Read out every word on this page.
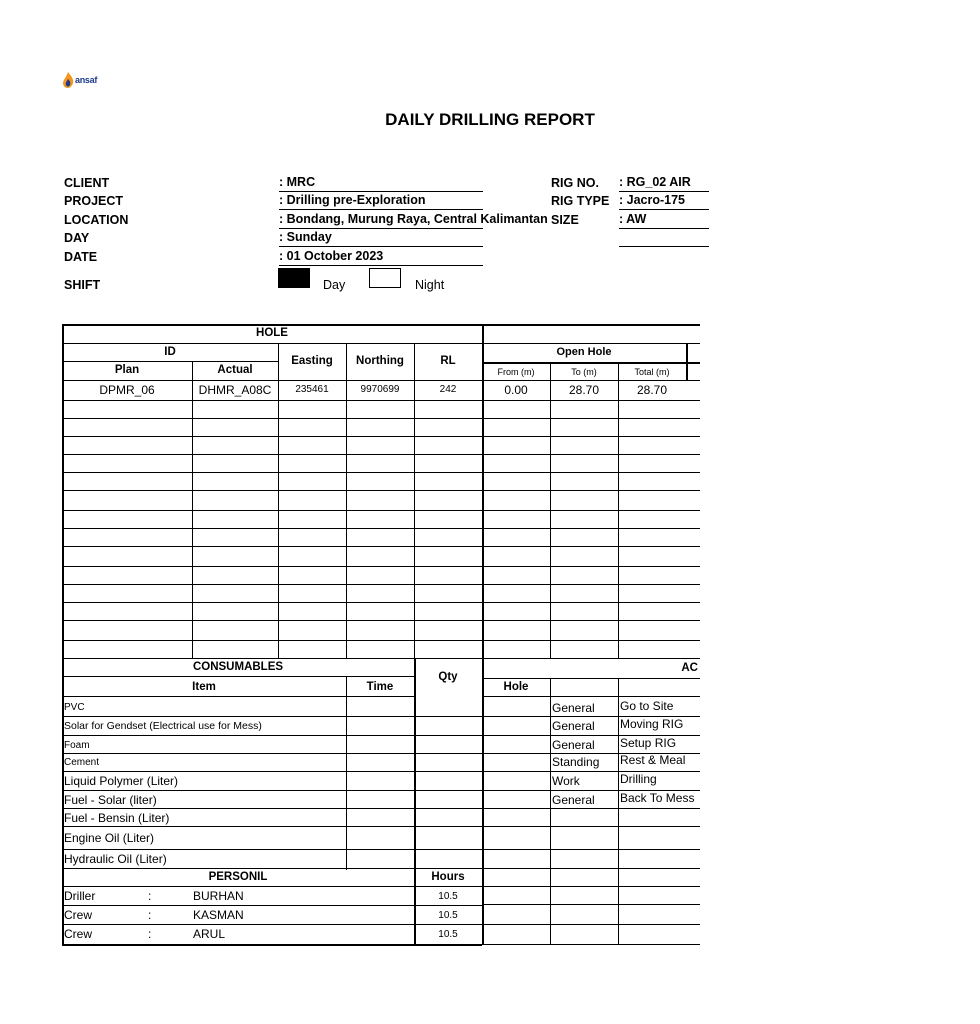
ansaf
DAILY DRILLING REPORT
CLIENT	: MRC
PROJECT	: Drilling pre-Exploration
LOCATION	: Bondang, Murung Raya, Central Kalimantan
DAY	: Sunday
DATE	: 01 October 2023
RIG NO. : RG_02 AIR
RIG TYPE : Jacro-175
SIZE	: AW
SHIFT	Day	Night
HOLE
ID
Plan	Actual
Easting	Northing	RL
Open Hole
From (m)	To (m)	Total (m)
DPMR_06	DHMR_A08C	235461	9970699	242	0.00	28.70	28.70
CONSUMABLES
Item	Time
Qty
PVC
Solar for Gendset (Electrical use for Mess)
Foam
Cement
Liquid Polymer (Liter)
Fuel - Solar (liter)
Fuel - Bensin (Liter)
Engine Oil (Liter)
Hydraulic Oil (Liter)
AC
Hole
General	Go to Site
General	Moving RIG
General	Setup RIG
Standing	Rest & Meal
Work	Drilling
General	Back To Mess
PERSONIL	Hours
Driller	:	BURHAN	10.5
Crew	:	KASMAN	10.5
Crew	:	ARUL	10.5
